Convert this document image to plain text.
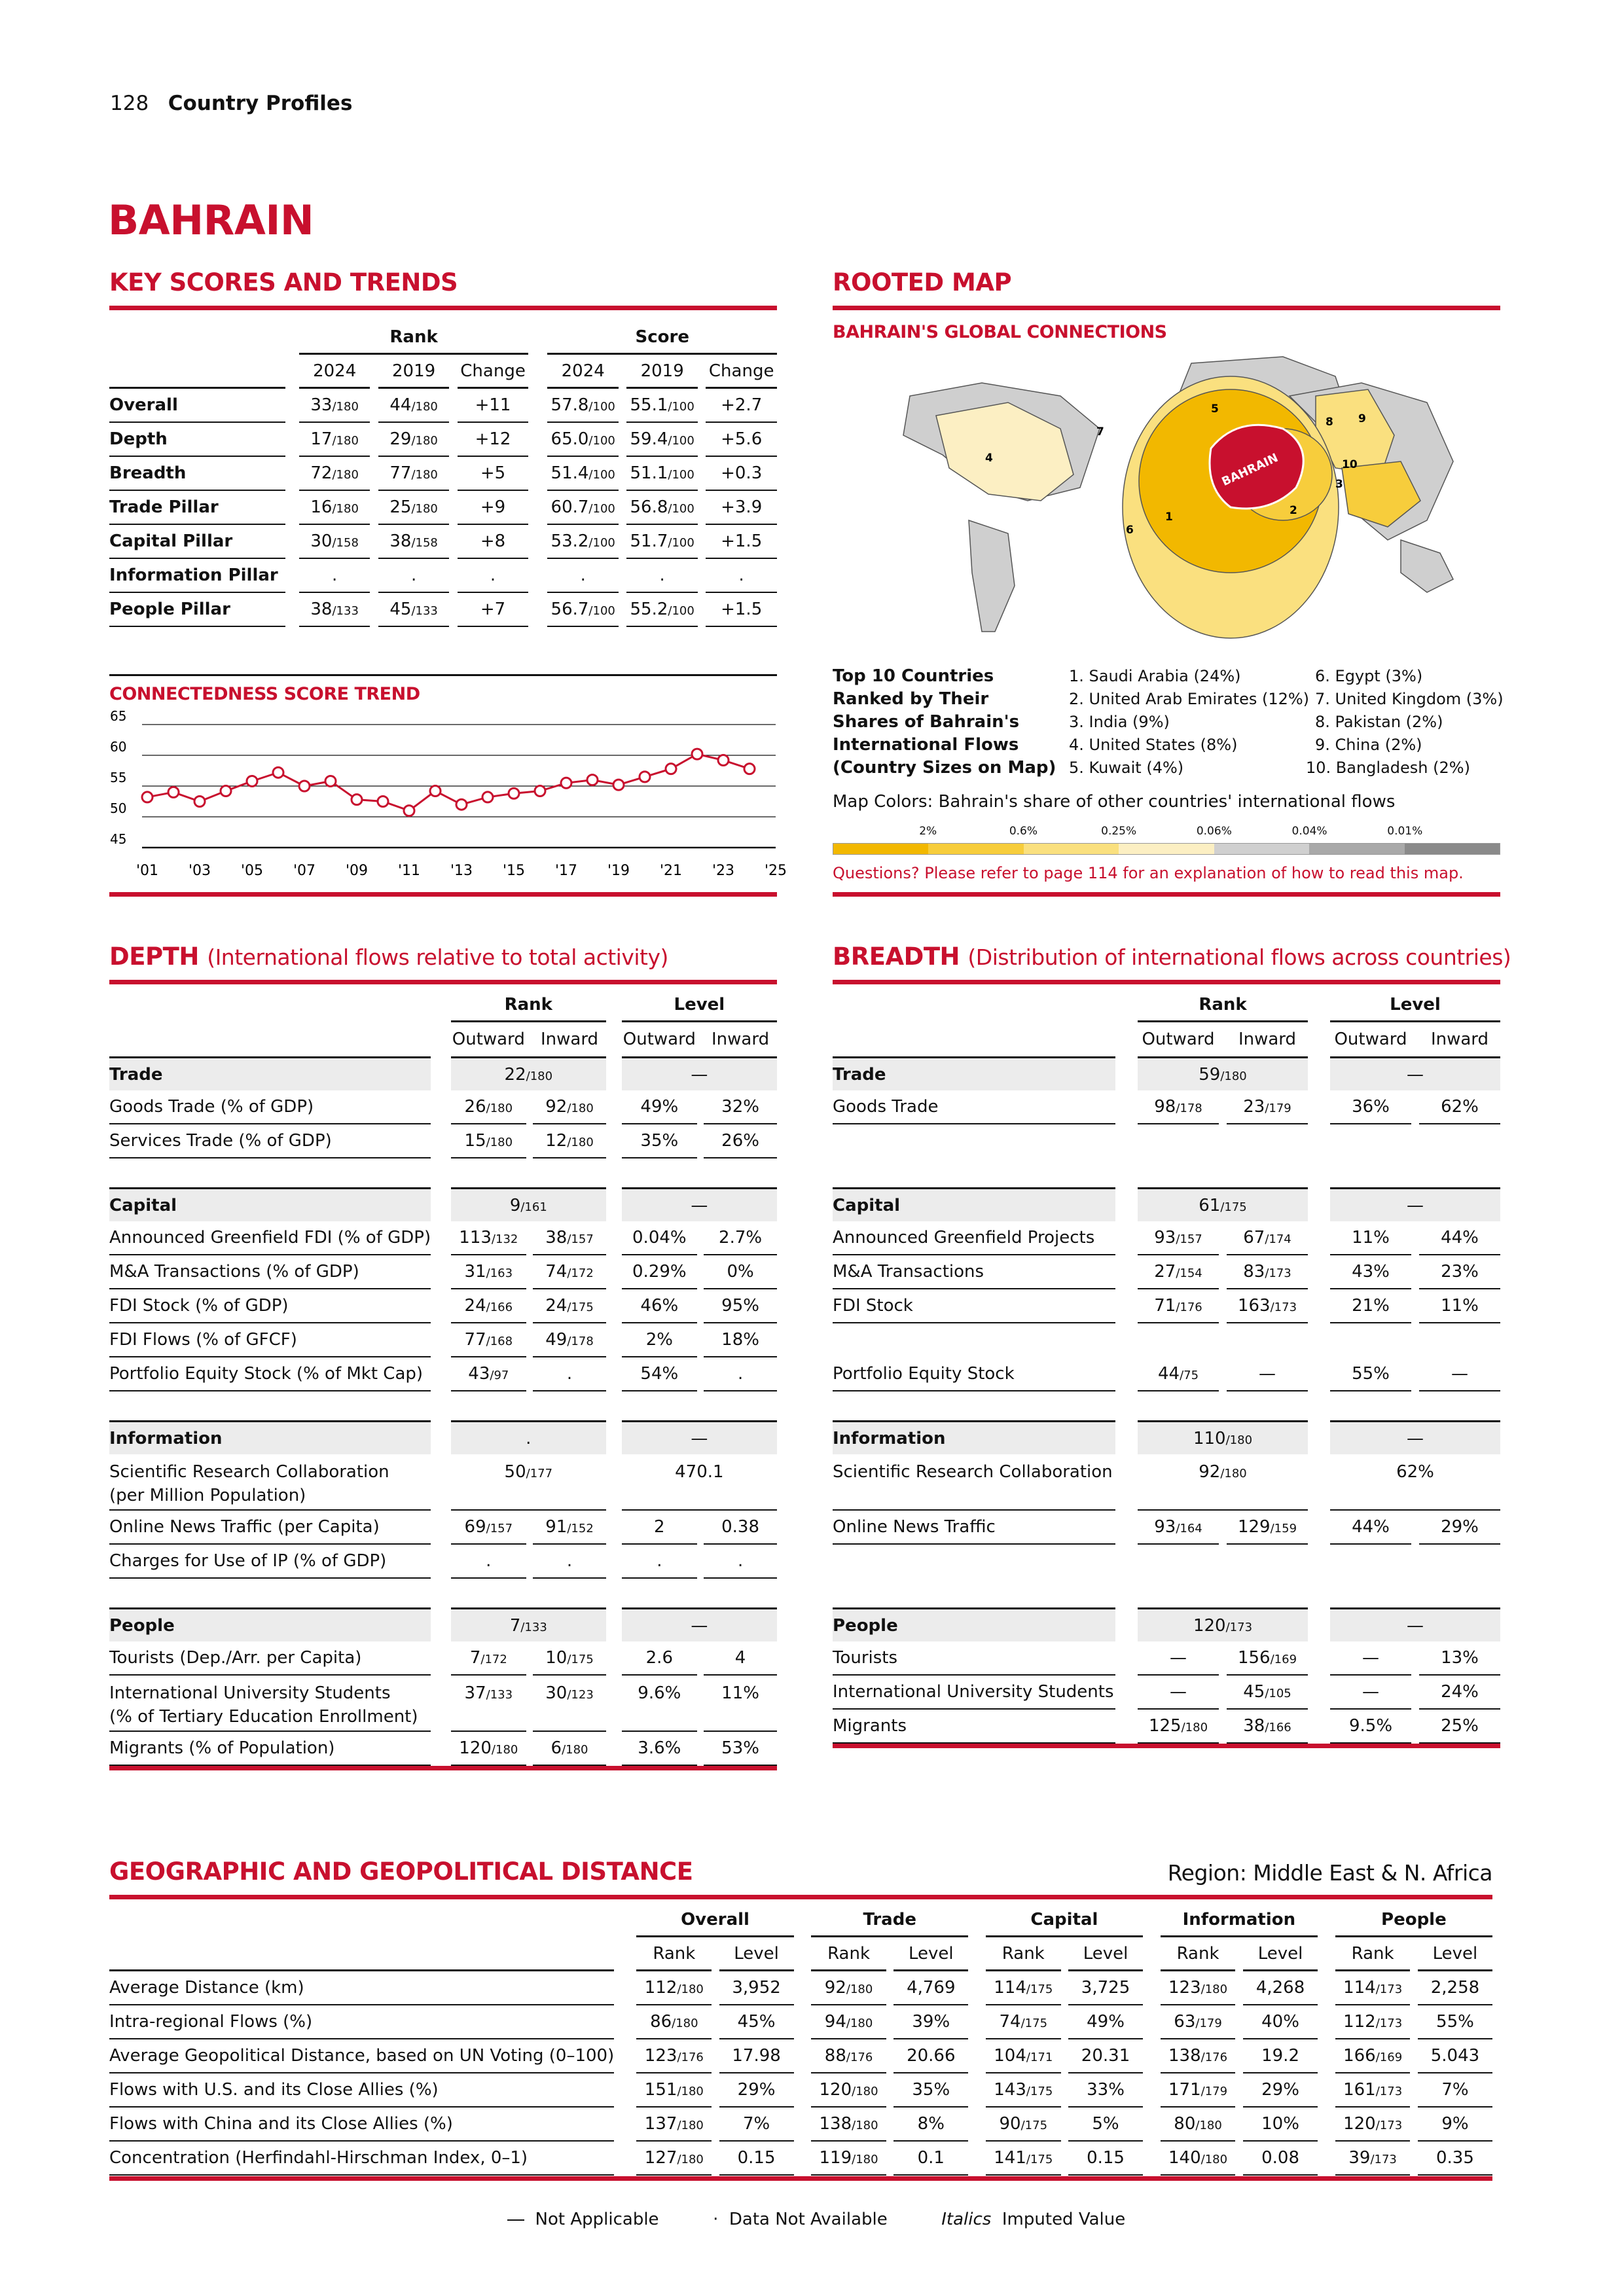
128 Country Profiles
BAHRAIN
KEY SCORES AND TRENDS
		Rank						Score				
		2024		2019		Change		2024		2019		Change
Overall		33/180		44/180		+11		57.8/100		55.1/100		+2.7
Depth		17/180		29/180		+12		65.0/100		59.4/100		+5.6
Breadth		72/180		77/180		+5		51.4/100		51.1/100		+0.3
Trade Pillar		16/180		25/180		+9		60.7/100		56.8/100		+3.9
Capital Pillar		30/158		38/158		+8		53.2/100		51.7/100		+1.5
Information Pillar		.		.		.		.		.		.
People Pillar		38/133		45/133		+7		56.7/100		55.2/100		+1.5
CONNECTEDNESS SCORE TREND
65
60
55
50
45
'01 '03 '05 '07 '09 '11 '13 '15 '17 '19 '21 '23 '25
ROOTED MAP
BAHRAIN'S GLOBAL CONNECTIONS
BAHRAIN
1	2
3
4
5
6
7
8 9
10
Top 10 Countries
Ranked by Their
Shares of Bahrain's
International Flows
(Country Sizes on Map)
1. Saudi Arabia (24%)
2. United Arab Emirates (12%)
3. India (9%)
4. United States (8%)
5. Kuwait (4%)
6. Egypt (3%)
7. United Kingdom (3%)
8. Pakistan (2%)
9. China (2%)
10. Bangladesh (2%)
Map Colors: Bahrain's share of other countries' international flows
2%	0.6%	0.25%	0.06%	0.04%	0.01%
Questions? Please refer to page 114 for an explanation of how to read this map.
DEPTH (International flows relative to total activity)
		Rank				Level		
		Outward		Inward		Outward		Inward
Trade		22/180				—		
Goods Trade (% of GDP)		26/180		92/180		49%		32%
Services Trade (% of GDP)		15/180		12/180		35%		26%

Capital		9/161				—		
Announced Greenfield FDI (% of GDP)		113/132		38/157		0.04%		2.7%
M&A Transactions (% of GDP)		31/163		74/172		0.29%		0%
FDI Stock (% of GDP)		24/166		24/175		46%		95%
FDI Flows (% of GFCF)		77/168		49/178		2%		18%
Portfolio Equity Stock (% of Mkt Cap)		43/97		.		54%		.

Information		.				—		

Scientific Research Collaboration
(per Million Population)		50/177				470.1		
Online News Traffic (per Capita)		69/157		91/152		2		0.38
Charges for Use of IP (% of GDP)		.		.		.		.

People		7/133				—		
Tourists (Dep./Arr. per Capita)		7/172		10/175		2.6		4

International University Students
(% of Tertiary Education Enrollment)		37/133		30/123		9.6%		11%
Migrants (% of Population)		120/180		6/180		3.6%		53%

BREADTH (Distribution of international flows across countries)
		Rank				Level		
		Outward		Inward		Outward		Inward
Trade		59/180				—		
Goods Trade		98/178		23/179		36%		62%

Capital		61/175				—		
Announced Greenfield Projects		93/157		67/174		11%		44%
M&A Transactions		27/154		83/173		43%		23%
FDI Stock		71/176		163/173		21%		11%

Portfolio Equity Stock		44/75		—		55%		—

Information		110/180				—		

Scientific Research Collaboration		92/180				62%		
Online News Traffic		93/164		129/159		44%		29%

People		120/173				—		
Tourists		—		156/169		—		13%
International University Students		—		45/105		—		24%
Migrants		125/180		38/166		9.5%		25%

GEOGRAPHIC AND GEOPOLITICAL DISTANCE	Region: Middle East & N. Africa
		Overall				Trade				Capital				Information				People		
		Rank		Level		Rank		Level		Rank		Level		Rank		Level		Rank		Level
Average Distance (km)		112/180		3,952		92/180		4,769		114/175		3,725		123/180		4,268		114/173		2,258
Intra-regional Flows (%)		86/180		45%		94/180		39%		74/175		49%		63/179		40%		112/173		55%
Average Geopolitical Distance, based on UN Voting (0–100)		123/176		17.98		88/176		20.66		104/171		20.31		138/176		19.2		166/169		5.043
Flows with U.S. and its Close Allies (%)		151/180		29%		120/180		35%		143/175		33%		171/179		29%		161/173		7%
Flows with China and its Close Allies (%)		137/180		7%		138/180		8%		90/175		5%		80/180		10%		120/173		9%
Concentration (Herfindahl-Hirschman Index, 0–1)		127/180		0.15		119/180		0.1		141/175		0.15		140/180		0.08		39/173		0.35
Not Applicable	· Data Not Available	Italics Imputed Value
